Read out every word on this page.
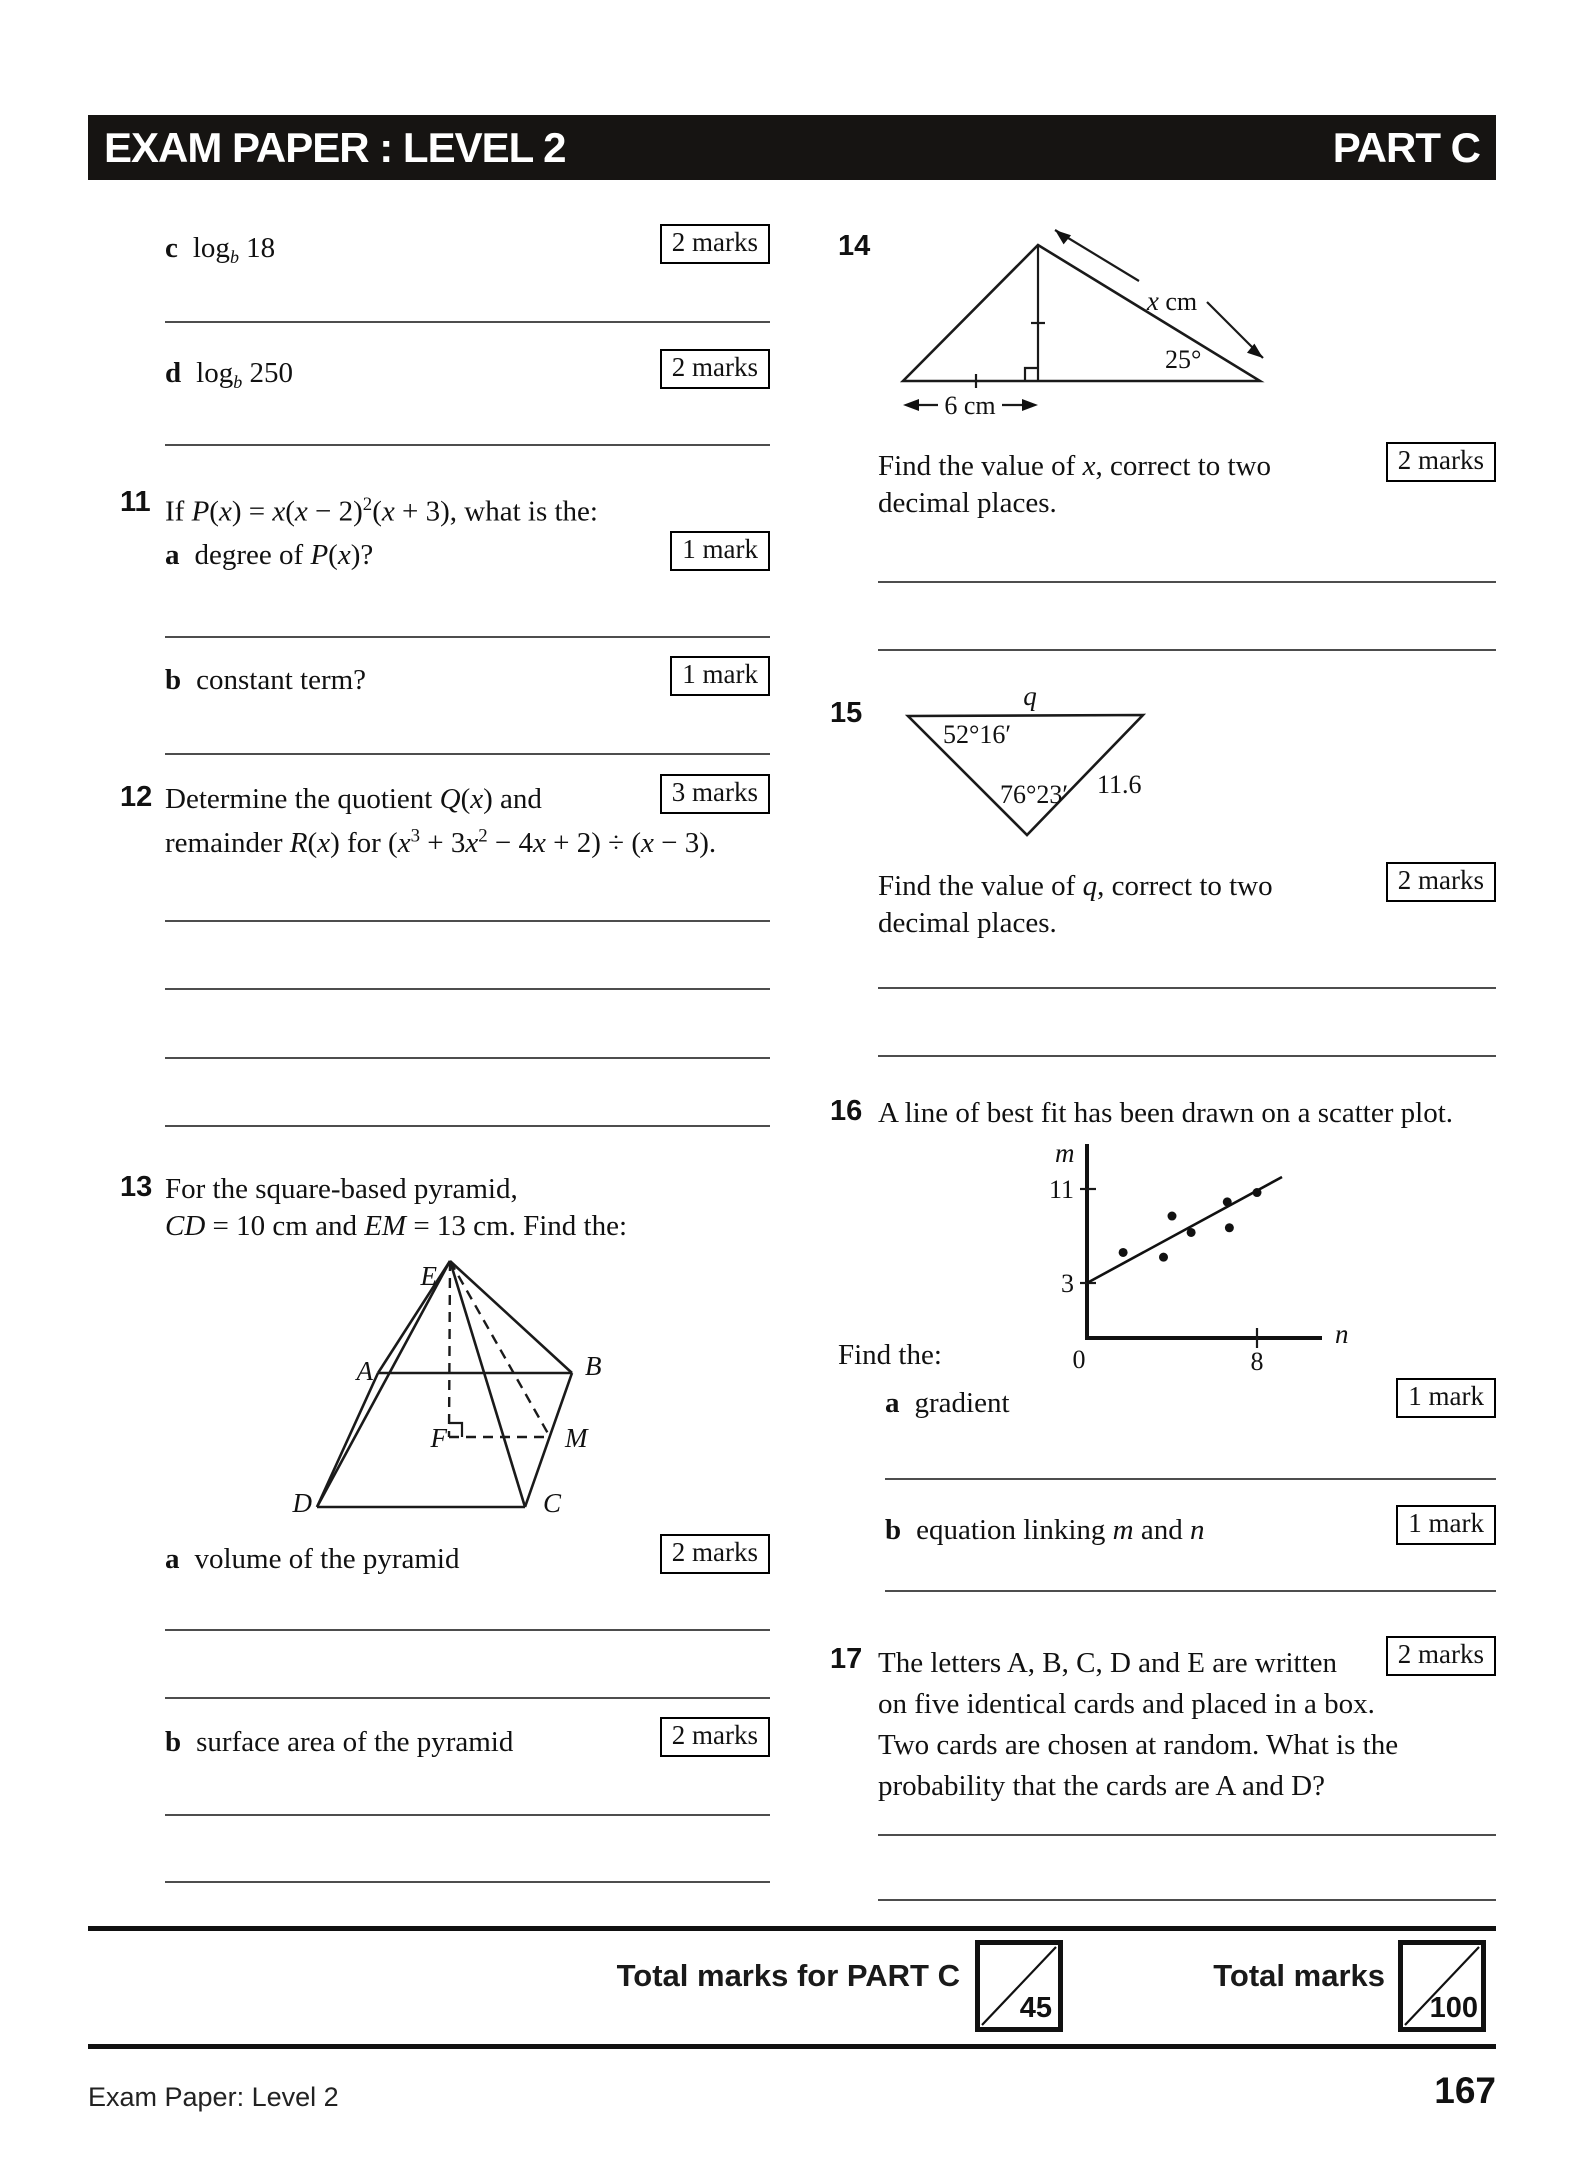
EXAM PAPER : LEVEL 2	PART C
c logb 18	2 marks
d logb 250	2 marks
11 If $P(x) = x(x - 2)^2(x + 3)$, what is the:
a degree of P(x)?	1 mark
b constant term?	1 mark
12 Determine the quotient Q(x) and
remainder R(x) for $(x^3 + 3x^2 - 4x + 2) \div (x - 3)$.
3 marks
13 For the square-based pyramid,
CD = 10 cm and EM = 13 cm. Find the:
E
A	B
F	M
D	C
a volume of the pyramid	2 marks
b surface area of the pyramid	2 marks
14
x cm
25°
6 cm
Find the value of x, correct to two
decimal places.
2 marks
15
q
52°16′
76°23′ 11.6
Find the value of q, correct to two
decimal places.
2 marks
16 A line of best fit has been drawn on a scatter plot.
m
n
11
3
0	8
Find the:
a gradient	1 mark
b equation linking m and n	1 mark
17 The letters A, B, C, D and E are written
on five identical cards and placed in a box.
Two cards are chosen at random. What is the
probability that the cards are A and D?
2 marks
Total marks for PART C
45
Total marks
100
Exam Paper: Level 2	167
